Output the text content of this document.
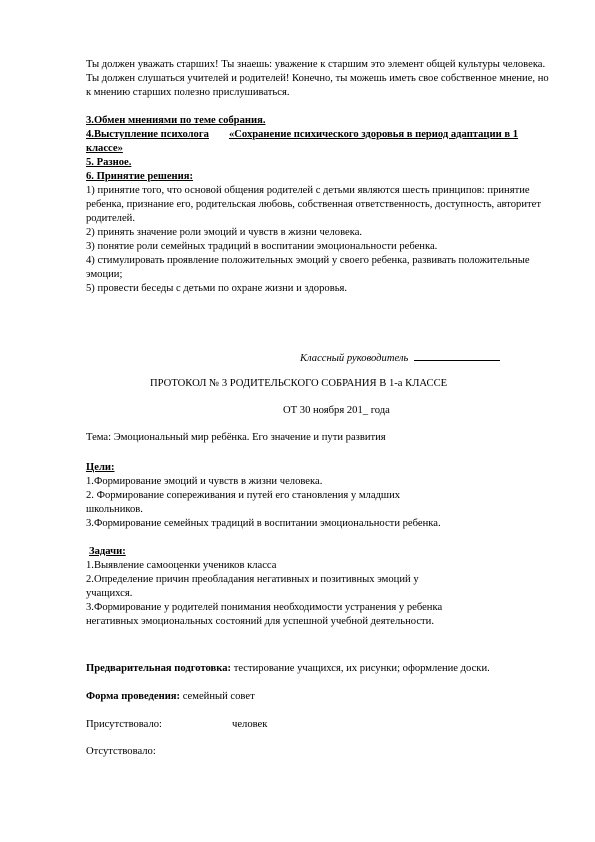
Ты должен уважать старших! Ты знаешь: уважение к старшим это элемент общей культуры человека.

Ты должен слушаться учителей и родителей! Конечно, ты можешь иметь свое собственное мнение, но к мнению старших полезно прислушиваться.

3.Обмен мнениями по теме собрания.

4.Выступление психолога «Сохранение психического здоровья в период адаптации в 1 классе»

5. Разное.

6. Принятие решения:

1) принятие того, что основой общения родителей с детьми являются шесть принципов: принятие ребенка, признание его, родительская любовь, собственная ответственность, доступность, авторитет родителей.

2) принять значение роли эмоций и чувств в жизни человека.

3) понятие роли семейных традиций в воспитании эмоциональности ребенка.

4) стимулировать проявление положительных эмоций у своего ребенка, развивать положительные эмоции;

5) провести беседы с детьми по охране жизни и здоровья.

Классный руководитель
ПРОТОКОЛ № 3 РОДИТЕЛЬСКОГО СОБРАНИЯ В 1-а КЛАССЕ
ОТ 30 ноября 201_ года
Тема: Эмоциональный мир ребёнка. Его значение и пути развития

Цели:

1.Формирование эмоций и чувств в жизни человека.

2. Формирование сопереживания и путей его становления у младших школьников.

3.Формирование семейных традиций в воспитании эмоциональности ребенка.

Задачи:

1.Выявление самооценки учеников класса

2.Определение причин преобладания негативных и позитивных эмоций у учащихся.

3.Формирование у родителей понимания необходимости устранения у ребенка негативных эмоциональных состояний для успешной учебной деятельности.

Предварительная подготовка: тестирование учащихся, их рисунки; оформление доски.
Форма проведения: семейный совет
Присутствовало:	человек
Отсутствовало:
